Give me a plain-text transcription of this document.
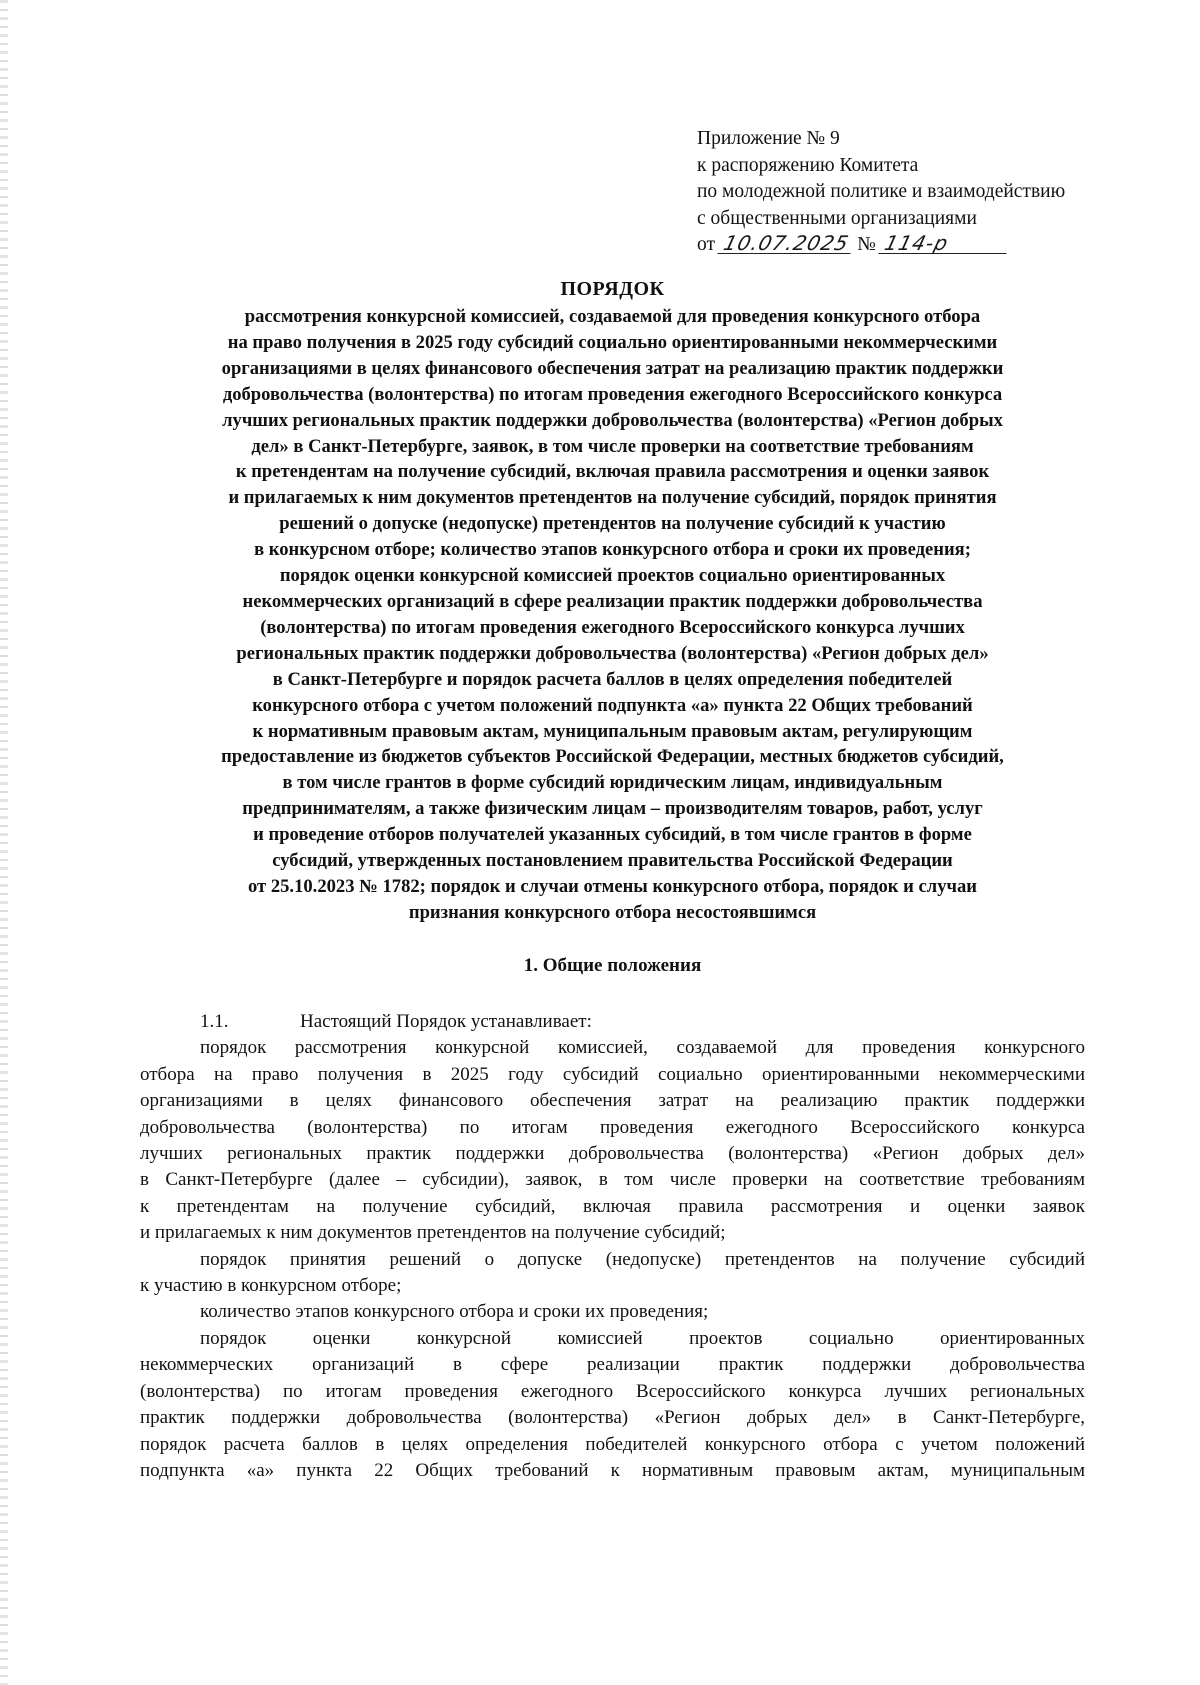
Приложение № 9
к распоряжению Комитета
по молодежной политике и взаимодействию
с общественными организациями
от 10.07.2025 № 114-р
ПОРЯДОК
рассмотрения конкурсной комиссией, создаваемой для проведения конкурсного отбора
на право получения в 2025 году субсидий социально ориентированными некоммерческими
организациями в целях финансового обеспечения затрат на реализацию практик поддержки
добровольчества (волонтерства) по итогам проведения ежегодного Всероссийского конкурса
лучших региональных практик поддержки добровольчества (волонтерства) «Регион добрых
дел» в Санкт-Петербурге, заявок, в том числе проверки на соответствие требованиям
к претендентам на получение субсидий, включая правила рассмотрения и оценки заявок
и прилагаемых к ним документов претендентов на получение субсидий, порядок принятия
решений о допуске (недопуске) претендентов на получение субсидий к участию
в конкурсном отборе; количество этапов конкурсного отбора и сроки их проведения;
порядок оценки конкурсной комиссией проектов социально ориентированных
некоммерческих организаций в сфере реализации практик поддержки добровольчества
(волонтерства) по итогам проведения ежегодного Всероссийского конкурса лучших
региональных практик поддержки добровольчества (волонтерства) «Регион добрых дел»
в Санкт-Петербурге и порядок расчета баллов в целях определения победителей
конкурсного отбора с учетом положений подпункта «а» пункта 22 Общих требований
к нормативным правовым актам, муниципальным правовым актам, регулирующим
предоставление из бюджетов субъектов Российской Федерации, местных бюджетов субсидий,
в том числе грантов в форме субсидий юридическим лицам, индивидуальным
предпринимателям, а также физическим лицам – производителям товаров, работ, услуг
и проведение отборов получателей указанных субсидий, в том числе грантов в форме
субсидий, утвержденных постановлением правительства Российской Федерации
от 25.10.2023 № 1782; порядок и случаи отмены конкурсного отбора, порядок и случаи
признания конкурсного отбора несостоявшимся
1. Общие положения
1.1.	Настоящий Порядок устанавливает:
порядок рассмотрения конкурсной комиссией, создаваемой для проведения конкурсного
отбора на право получения в 2025 году субсидий социально ориентированными некоммерческими
организациями в целях финансового обеспечения затрат на реализацию практик поддержки
добровольчества (волонтерства) по итогам проведения ежегодного Всероссийского конкурса
лучших региональных практик поддержки добровольчества (волонтерства) «Регион добрых дел»
в Санкт-Петербурге (далее – субсидии), заявок, в том числе проверки на соответствие требованиям
к претендентам на получение субсидий, включая правила рассмотрения и оценки заявок
и прилагаемых к ним документов претендентов на получение субсидий;
порядок принятия решений о допуске (недопуске) претендентов на получение субсидий
к участию в конкурсном отборе;
количество этапов конкурсного отбора и сроки их проведения;
порядок оценки конкурсной комиссией проектов социально ориентированных
некоммерческих организаций в сфере реализации практик поддержки добровольчества
(волонтерства) по итогам проведения ежегодного Всероссийского конкурса лучших региональных
практик поддержки добровольчества (волонтерства) «Регион добрых дел» в Санкт-Петербурге,
порядок расчета баллов в целях определения победителей конкурсного отбора с учетом положений
подпункта «а» пункта 22 Общих требований к нормативным правовым актам, муниципальным
